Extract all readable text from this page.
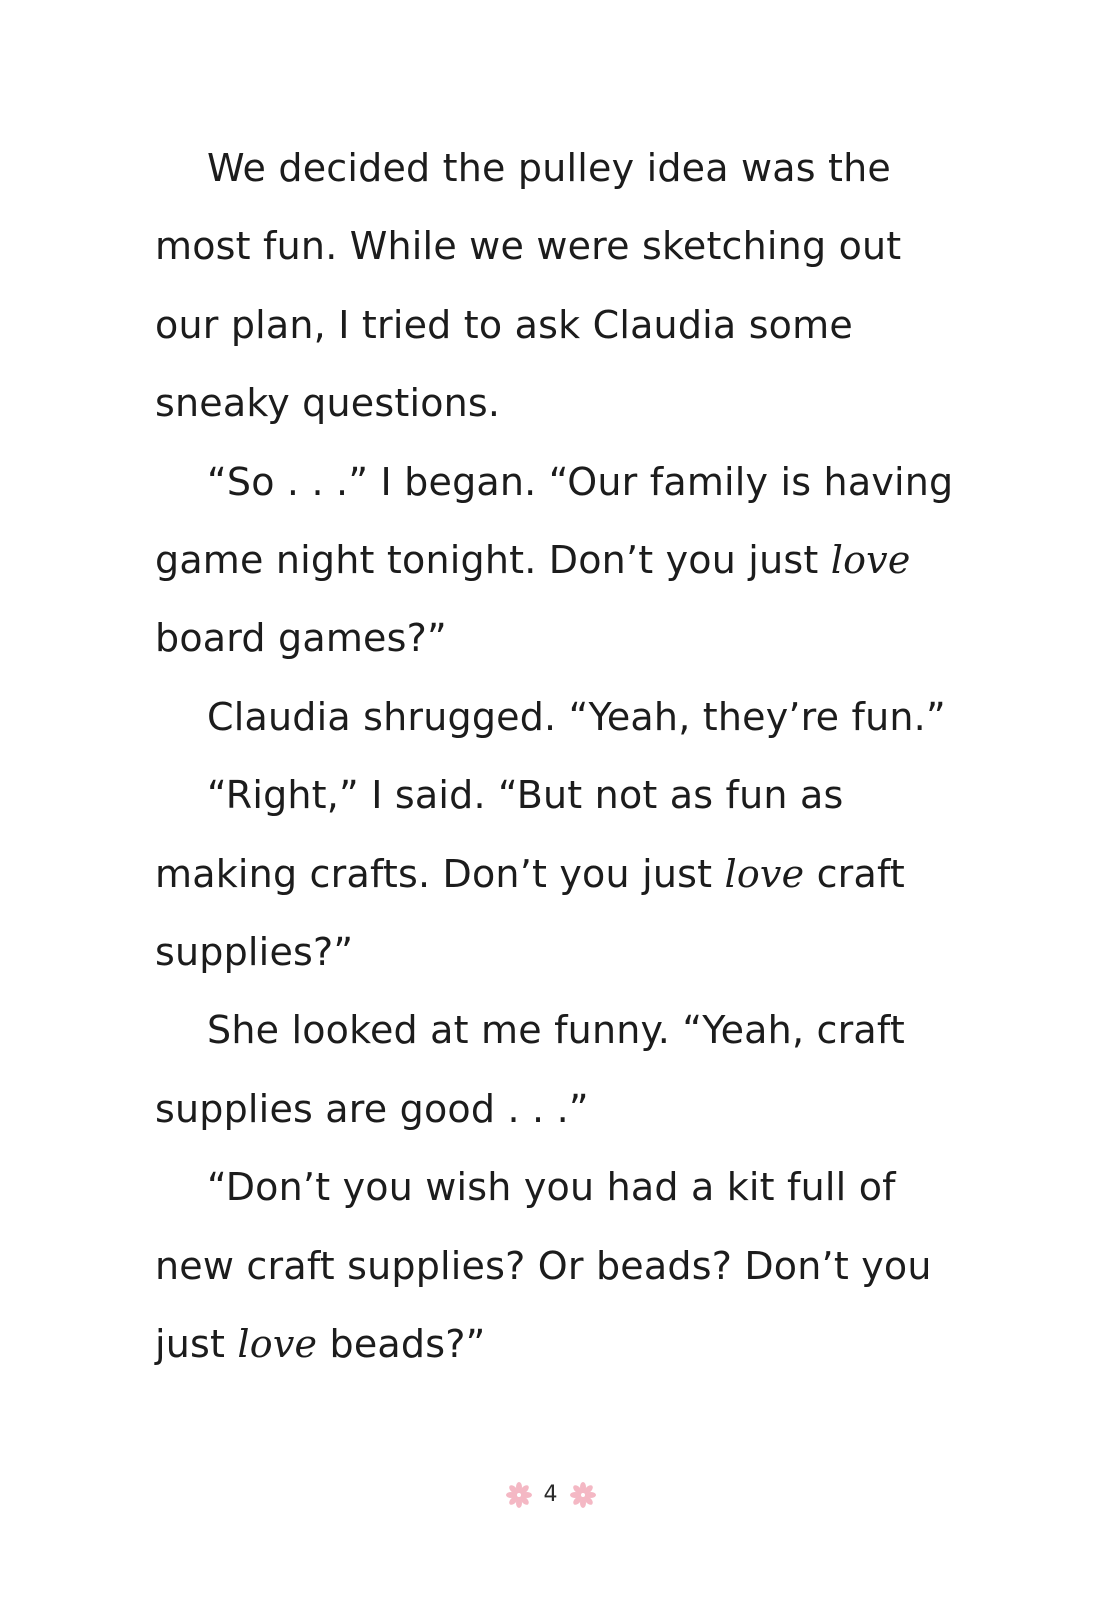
We decided the pulley idea was the
most fun. While we were sketching out
our plan, I tried to ask Claudia some
sneaky questions.
“So . . .” I began. “Our family is having
game night tonight. Don’t you just love
board games?”
Claudia shrugged. “Yeah, they’re fun.”
“Right,” I said. “But not as fun as
making crafts. Don’t you just love craft
supplies?”
She looked at me funny. “Yeah, craft
supplies are good . . .”
“Don’t you wish you had a kit full of
new craft supplies? Or beads? Don’t you
just love beads?”
4
